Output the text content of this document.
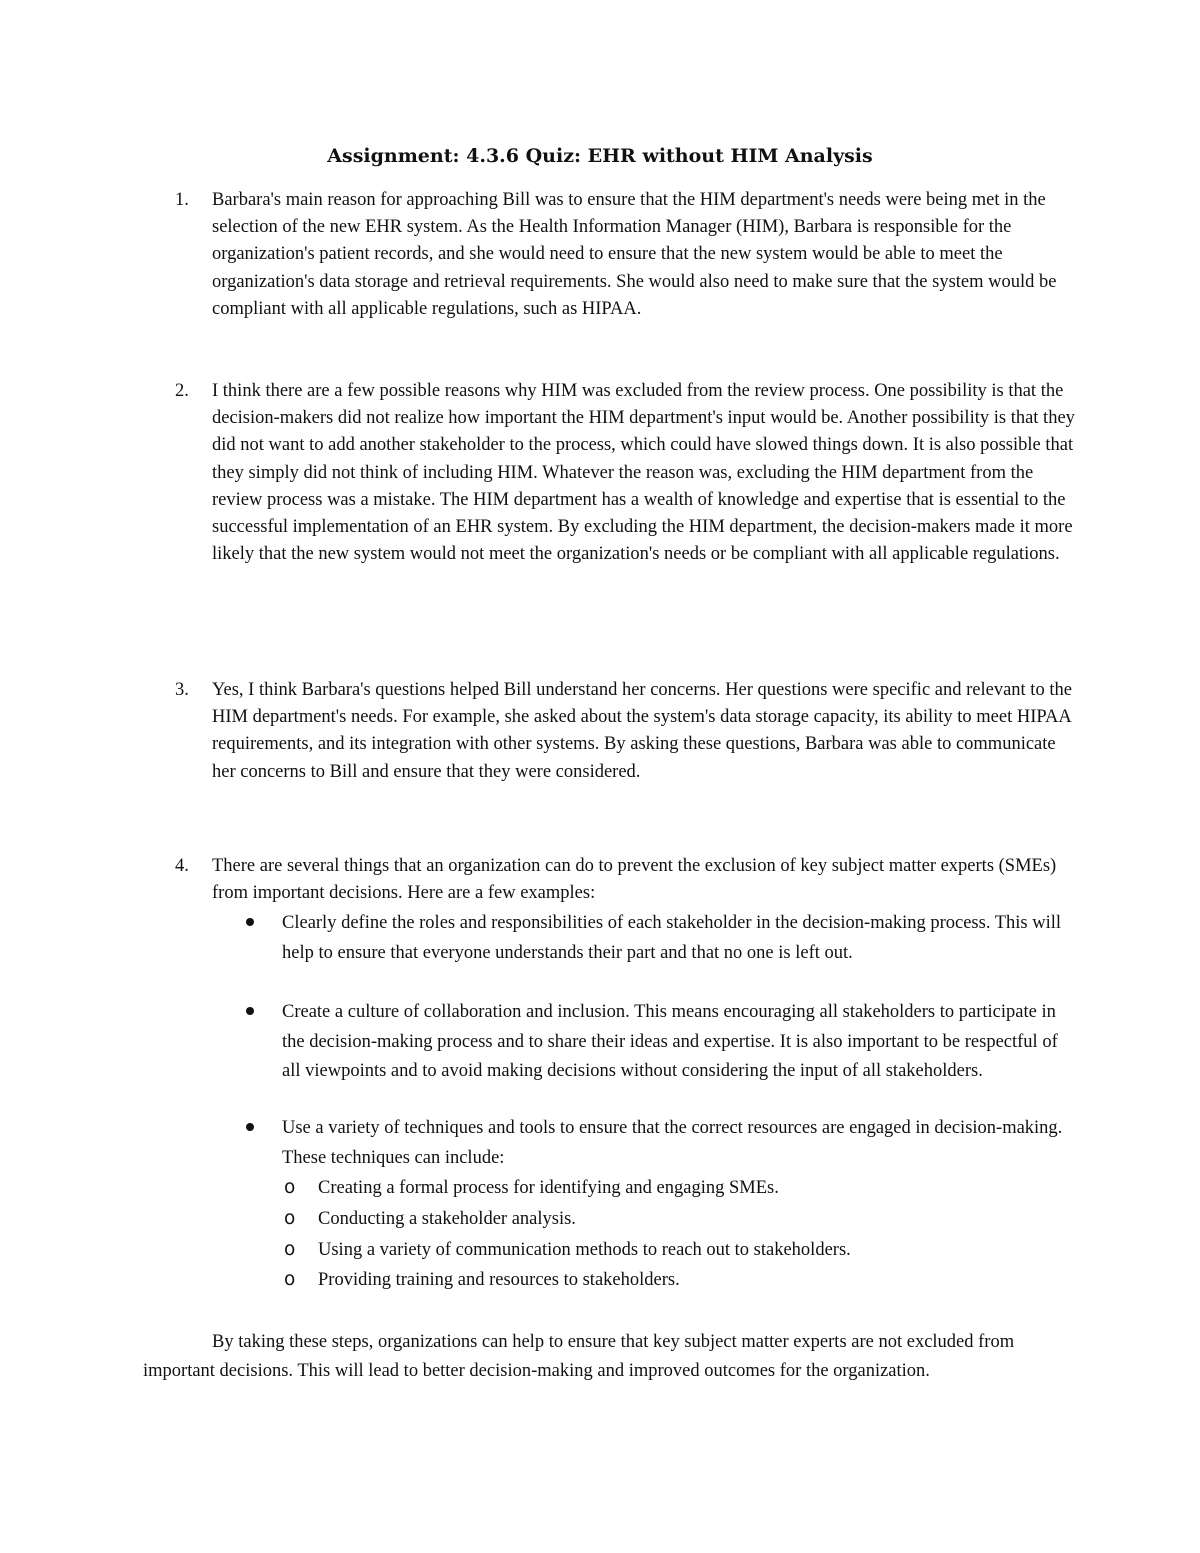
Assignment: 4.3.6 Quiz: EHR without HIM Analysis
1. Barbara's main reason for approaching Bill was to ensure that the HIM department's needs were being met in the selection of the new EHR system. As the Health Information Manager (HIM), Barbara is responsible for the organization's patient records, and she would need to ensure that the new system would be able to meet the organization's data storage and retrieval requirements. She would also need to make sure that the system would be compliant with all applicable regulations, such as HIPAA.
2. I think there are a few possible reasons why HIM was excluded from the review process. One possibility is that the decision-makers did not realize how important the HIM department's input would be. Another possibility is that they did not want to add another stakeholder to the process, which could have slowed things down. It is also possible that they simply did not think of including HIM. Whatever the reason was, excluding the HIM department from the review process was a mistake. The HIM department has a wealth of knowledge and expertise that is essential to the successful implementation of an EHR system. By excluding the HIM department, the decision-makers made it more likely that the new system would not meet the organization's needs or be compliant with all applicable regulations.
3. Yes, I think Barbara's questions helped Bill understand her concerns. Her questions were specific and relevant to the HIM department's needs. For example, she asked about the system's data storage capacity, its ability to meet HIPAA requirements, and its integration with other systems. By asking these questions, Barbara was able to communicate her concerns to Bill and ensure that they were considered.
4. There are several things that an organization can do to prevent the exclusion of key subject matter experts (SMEs) from important decisions. Here are a few examples:
Clearly define the roles and responsibilities of each stakeholder in the decision-making process. This will help to ensure that everyone understands their part and that no one is left out.
Create a culture of collaboration and inclusion. This means encouraging all stakeholders to participate in the decision-making process and to share their ideas and expertise. It is also important to be respectful of all viewpoints and to avoid making decisions without considering the input of all stakeholders.
Use a variety of techniques and tools to ensure that the correct resources are engaged in decision-making. These techniques can include:
o Creating a formal process for identifying and engaging SMEs.
o Conducting a stakeholder analysis.
o Using a variety of communication methods to reach out to stakeholders.
o Providing training and resources to stakeholders.
By taking these steps, organizations can help to ensure that key subject matter experts are not excluded from important decisions. This will lead to better decision-making and improved outcomes for the organization.
